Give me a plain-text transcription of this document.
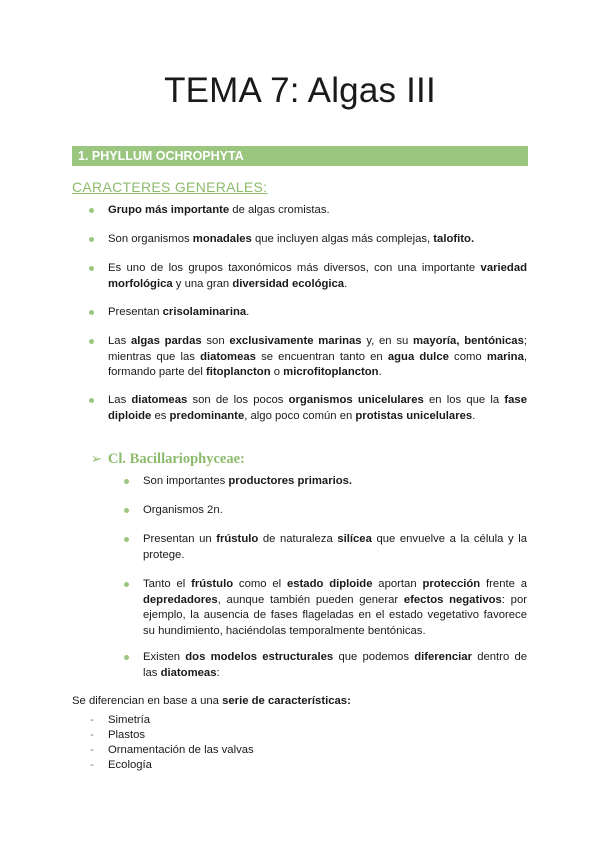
TEMA 7: Algas III
1. PHYLLUM OCHROPHYTA
CARACTERES GENERALES:
Grupo más importante de algas cromistas.
Son organismos monadales que incluyen algas más complejas, talofito.
Es uno de los grupos taxonómicos más diversos, con una importante variedad morfológica y una gran diversidad ecológica.
Presentan crisolaminarina.
Las algas pardas son exclusivamente marinas y, en su mayoría, bentónicas; mientras que las diatomeas se encuentran tanto en agua dulce como marina, formando parte del fitoplancton o microfitoplancton.
Las diatomeas son de los pocos organismos unicelulares en los que la fase diploide es predominante, algo poco común en protistas unicelulares.
➢ Cl. Bacillariophyceae:
Son importantes productores primarios.
Organismos 2n.
Presentan un frústulo de naturaleza silícea que envuelve a la célula y la protege.
Tanto el frústulo como el estado diploide aportan protección frente a depredadores, aunque también pueden generar efectos negativos: por ejemplo, la ausencia de fases flageladas en el estado vegetativo favorece su hundimiento, haciéndolas temporalmente bentónicas.
Existen dos modelos estructurales que podemos diferenciar dentro de las diatomeas:
Se diferencian en base a una serie de características:
- Simetría
- Plastos
- Ornamentación de las valvas
- Ecología
